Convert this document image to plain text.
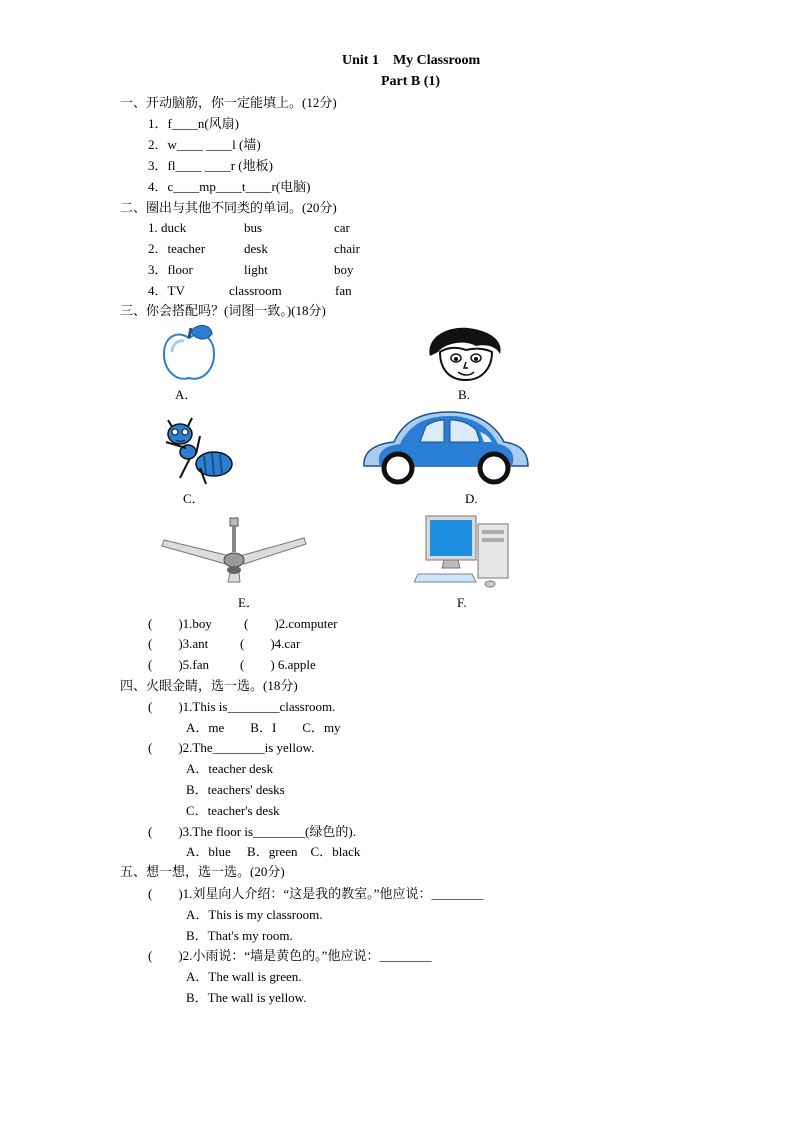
Unit 1    My Classroom
Part B (1)
一、开动脑筋，你一定能填上。(12分)
1．f____n(风扇)
2．w____ ____l (墙)
3．fl____ ____r (地板)
4．c____mp____t____r(电脑)
二、圈出与其他不同类的单词。(20分)
1. duck	bus	car
2．teacher	desk	chair
3．floor	light	boy
4．TV	classroom	fan
三、你会搭配吗？(词图一致。)(18分)
A．	B.
C．	D.
E．	F.
(        )1.boy (        )2.computer
(        )3.ant (        )4.car
(        )5.fan (        ) 6.apple
四、火眼金睛，选一选。(18分)
(        )1.This is________classroom.
A．me        B．I        C．my
(        )2.The________is yellow.
A．teacher desk
B．teachers' desks
C．teacher's desk
(        )3.The floor is________(绿色的).
A．blue     B．green    C．black
五、想一想，选一选。(20分)
(        )1.刘星向人介绍：“这是我的教室。”他应说：________
A．This is my classroom.
B．That's my room.
(        )2.小雨说：“墙是黄色的。”他应说：________
A．The wall is green.
B．The wall is yellow.
